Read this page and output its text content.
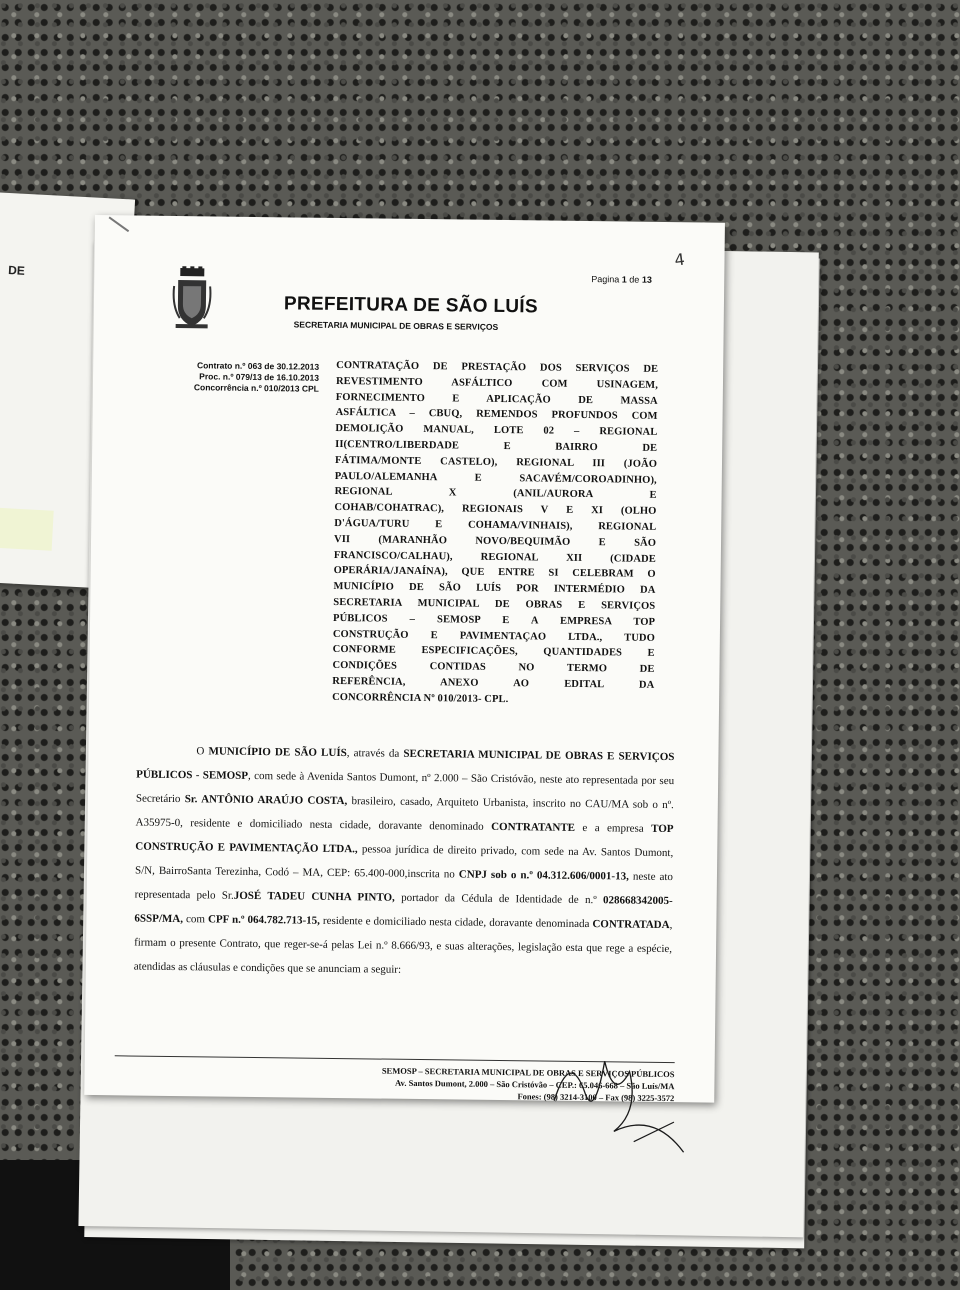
DE
4
Pagina 1 de 13
PREFEITURA DE SÃO LUÍS
SECRETARIA MUNICIPAL DE OBRAS E SERVIÇOS
Contrato n.º 063 de 30.12.2013
Proc. n.º 079/13 de 16.10.2013
Concorrência n.º 010/2013 CPL
CONTRATAÇÃO DE PRESTAÇÃO DOS SERVIÇOS DE
REVESTIMENTO ASFÁLTICO COM USINAGEM,
FORNECIMENTO E APLICAÇÃO DE MASSA
ASFÁLTICA – CBUQ, REMENDOS PROFUNDOS COM
DEMOLIÇÃO MANUAL, LOTE 02 – REGIONAL
II(CENTRO/LIBERDADE E BAIRRO DE
FÁTIMA/MONTE CASTELO), REGIONAL III (JOÃO
PAULO/ALEMANHA E SACAVÉM/COROADINHO),
REGIONAL X (ANIL/AURORA E
COHAB/COHATRAC), REGIONAIS V E XI (OLHO
D'ÁGUA/TURU E COHAMA/VINHAIS), REGIONAL
VII (MARANHÃO NOVO/BEQUIMÃO E SÃO
FRANCISCO/CALHAU), REGIONAL XII (CIDADE
OPERÁRIA/JANAÍNA), QUE ENTRE SI CELEBRAM O
MUNICÍPIO DE SÃO LUÍS POR INTERMÉDIO DA
SECRETARIA MUNICIPAL DE OBRAS E SERVIÇOS
PÚBLICOS – SEMOSP E A EMPRESA TOP
CONSTRUÇÃO E PAVIMENTAÇAO LTDA., TUDO
CONFORME ESPECIFICAÇÕES, QUANTIDADES E
CONDIÇÕES CONTIDAS NO TERMO DE
REFERÊNCIA, ANEXO AO EDITAL DA
CONCORRÊNCIA Nº 010/2013- CPL.
O MUNICÍPIO DE SÃO LUÍS, através da SECRETARIA MUNICIPAL DE OBRAS E SERVIÇOS PÚBLICOS - SEMOSP, com sede à Avenida Santos Dumont, nº 2.000 – São Cristóvão, neste ato representada por seu Secretário Sr. ANTÔNIO ARAÚJO COSTA, brasileiro, casado, Arquiteto Urbanista, inscrito no CAU/MA sob o nº. A35975-0, residente e domiciliado nesta cidade, doravante denominado CONTRATANTE e a empresa TOP CONSTRUÇÃO E PAVIMENTAÇÃO LTDA., pessoa jurídica de direito privado, com sede na Av. Santos Dumont, S/N, BairroSanta Terezinha, Codó – MA, CEP: 65.400-000,inscrita no CNPJ sob o n.º 04.312.606/0001-13, neste ato representada pelo Sr.JOSÉ TADEU CUNHA PINTO, portador da Cédula de Identidade de n.º 028668342005-6SSP/MA, com CPF n.º 064.782.713-15, residente e domiciliado nesta cidade, doravante denominada CONTRATADA, firmam o presente Contrato, que reger-se-á pelas Lei n.º 8.666/93, e suas alterações, legislação esta que rege a espécie, atendidas as cláusulas e condições que se anunciam a seguir:
SEMOSP – SECRETARIA MUNICIPAL DE OBRAS E SERVIÇOS PÚBLICOS
Av. Santos Dumont, 2.000 – São Cristóvão – CEP.: 65.046-668 – São Luís/MA
Fones: (98) 3214-3100 – Fax (98) 3225-3572
